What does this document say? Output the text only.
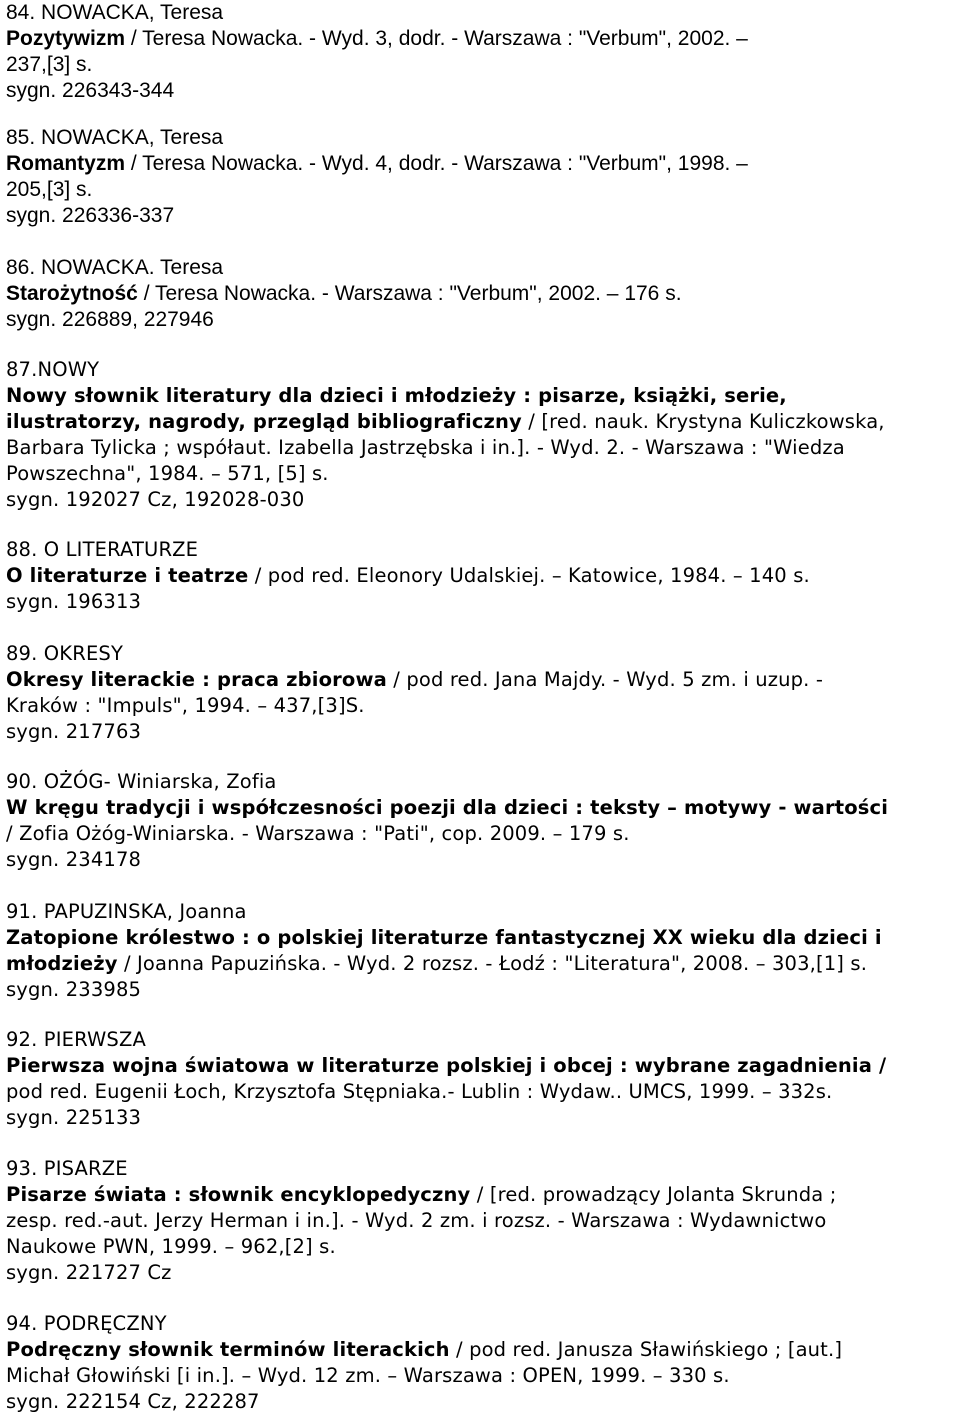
84. NOWACKA, Teresa
Pozytywizm / Teresa Nowacka. - Wyd. 3, dodr. - Warszawa : "Verbum", 2002. –
237,[3] s.
sygn. 226343-344
85. NOWACKA, Teresa
Romantyzm / Teresa Nowacka. - Wyd. 4, dodr. - Warszawa : "Verbum", 1998. –
205,[3] s.
sygn. 226336-337
86. NOWACKA. Teresa
Starożytność / Teresa Nowacka. - Warszawa : "Verbum", 2002. – 176 s.
sygn. 226889, 227946
87.NOWY
Nowy słownik literatury dla dzieci i młodzieży : pisarze, książki, serie,
ilustratorzy, nagrody, przegląd bibliograficzny / [red. nauk. Krystyna Kuliczkowska,
Barbara Tylicka ; współaut. Izabella Jastrzębska i in.]. - Wyd. 2. - Warszawa : "Wiedza
Powszechna", 1984. – 571, [5] s.
sygn. 192027 Cz, 192028-030
88. O LITERATURZE
O literaturze i teatrze / pod red. Eleonory Udalskiej. – Katowice, 1984. – 140 s.
sygn. 196313
89. OKRESY
Okresy literackie : praca zbiorowa / pod red. Jana Majdy. - Wyd. 5 zm. i uzup. -
Kraków : "Impuls", 1994. – 437,[3]S.
sygn. 217763
90. OŻÓG- Winiarska, Zofia
W kręgu tradycji i współczesności poezji dla dzieci : teksty – motywy - wartości
/ Zofia Ożóg-Winiarska. - Warszawa : "Pati", cop. 2009. – 179 s.
sygn. 234178
91. PAPUZINSKA, Joanna
Zatopione królestwo : o polskiej literaturze fantastycznej XX wieku dla dzieci i
młodzieży / Joanna Papuzińska. - Wyd. 2 rozsz. - Łodź : "Literatura", 2008. – 303,[1] s.
sygn. 233985
92. PIERWSZA
Pierwsza wojna światowa w literaturze polskiej i obcej : wybrane zagadnienia /
pod red. Eugenii Łoch, Krzysztofa Stępniaka.- Lublin : Wydaw.. UMCS, 1999. – 332s.
sygn. 225133
93. PISARZE
Pisarze świata : słownik encyklopedyczny / [red. prowadzący Jolanta Skrunda ;
zesp. red.-aut. Jerzy Herman i in.]. - Wyd. 2 zm. i rozsz. - Warszawa : Wydawnictwo
Naukowe PWN, 1999. – 962,[2] s.
sygn. 221727 Cz
94. PODRĘCZNY
Podręczny słownik terminów literackich / pod red. Janusza Sławińskiego ; [aut.]
Michał Głowiński [i in.]. – Wyd. 12 zm. – Warszawa : OPEN, 1999. – 330 s.
sygn. 222154 Cz, 222287
